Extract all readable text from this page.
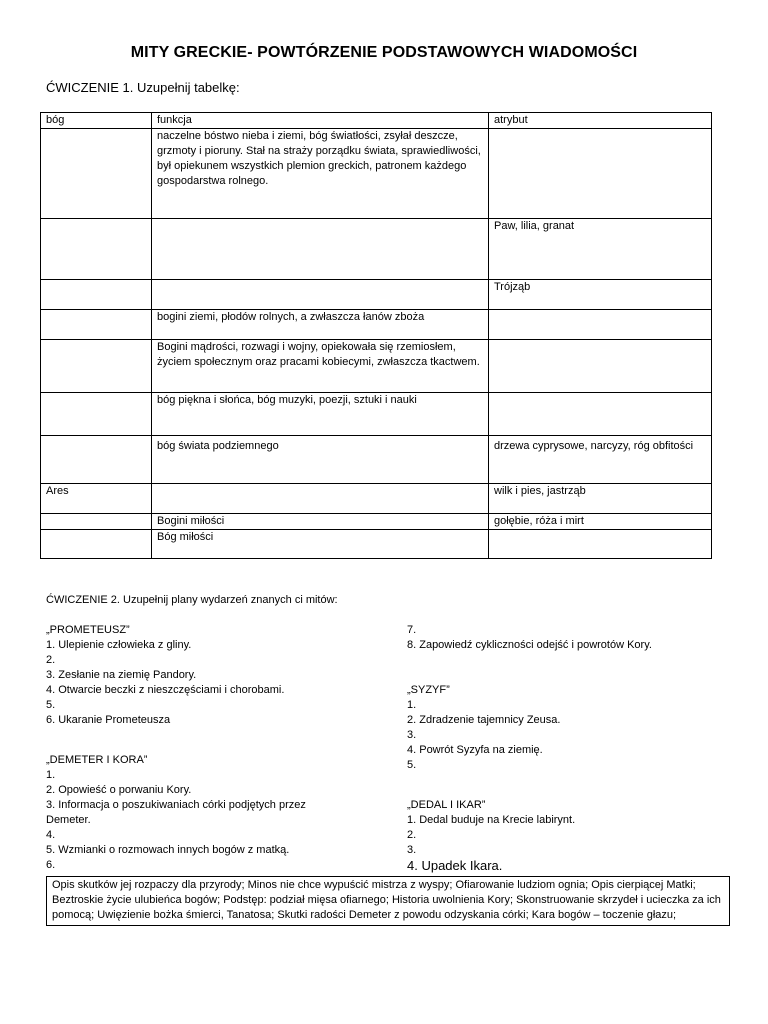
MITY GRECKIE- POWTÓRZENIE PODSTAWOWYCH WIADOMOŚCI
ĆWICZENIE 1. Uzupełnij tabelkę:
bóg	funkcja	atrybut
	naczelne bóstwo nieba i ziemi, bóg światłości, zsyłał deszcze, grzmoty i pioruny. Stał na straży porządku świata, sprawiedliwości, był opiekunem wszystkich plemion greckich, patronem każdego gospodarstwa rolnego.	
		Paw, lilia, granat
		Trójząb
	bogini ziemi, płodów rolnych, a zwłaszcza łanów zboża	
	Bogini mądrości, rozwagi i wojny, opiekowała się rzemiosłem, życiem społecznym oraz pracami kobiecymi, zwłaszcza tkactwem.	
	bóg piękna i słońca, bóg muzyki, poezji, sztuki i nauki	
	bóg świata podziemnego	drzewa cyprysowe, narcyzy, róg obfitości
Ares		wilk i pies, jastrząb
	Bogini miłości	gołębie, róża i mirt
	Bóg miłości	
ĆWICZENIE 2. Uzupełnij plany wydarzeń znanych ci mitów:
„PROMETEUSZ”
1. Ulepienie człowieka z gliny.
2.
3. Zesłanie na ziemię Pandory.
4. Otwarcie beczki z nieszczęściami i chorobami.
5.
6. Ukaranie Prometeusza
„DEMETER I KORA”
1.
2. Opowieść o porwaniu Kory.
3. Informacja o poszukiwaniach córki podjętych przez
Demeter.
4.
5. Wzmianki o rozmowach innych bogów z matką.
6.
7.
8. Zapowiedź cykliczności odejść i powrotów Kory.
„SYZYF”
1.
2. Zdradzenie tajemnicy Zeusa.
3.
4. Powrót Syzyfa na ziemię.
5.
„DEDAL I IKAR”
1. Dedal buduje na Krecie labirynt.
2.
3.
4. Upadek Ikara.
Opis skutków jej rozpaczy dla przyrody; Minos nie chce wypuścić mistrza z wyspy; Ofiarowanie ludziom ognia; Opis cierpiącej Matki; Beztroskie życie ulubieńca bogów; Podstęp: podział mięsa ofiarnego; Historia uwolnienia Kory; Skonstruowanie skrzydeł i ucieczka za ich pomocą; Uwięzienie bożka śmierci, Tanatosa; Skutki radości Demeter z powodu odzyskania córki; Kara bogów – toczenie głazu;
